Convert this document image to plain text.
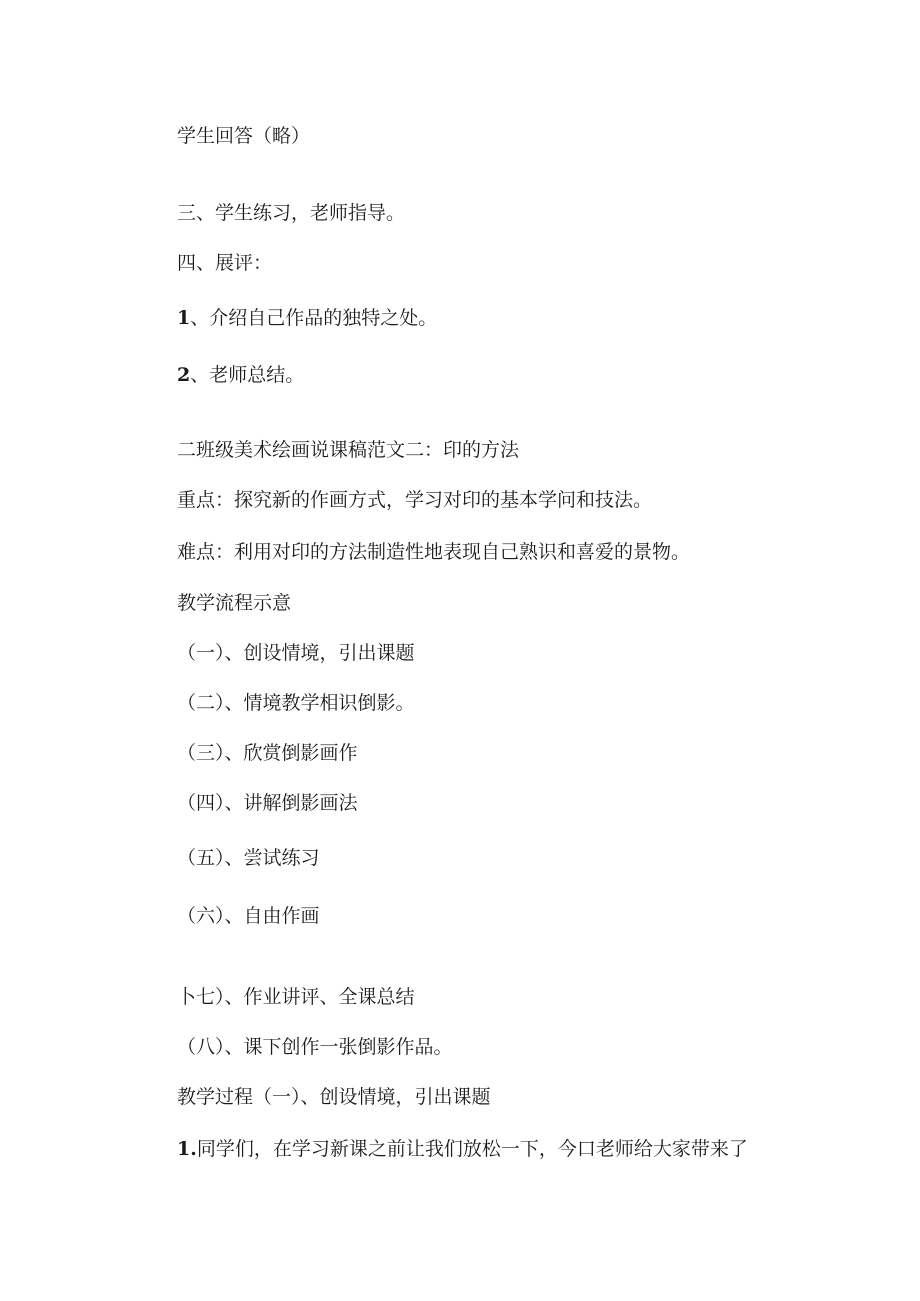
学生回答（略）
三、学生练习，老师指导。
四、展评：
1、介绍自己作品的独特之处。
2、老师总结。
二班级美术绘画说课稿范文二：印的方法
重点：探究新的作画方式，学习对印的基本学问和技法。
难点：利用对印的方法制造性地表现自己熟识和喜爱的景物。
教学流程示意
（一）、创设情境，引出课题
（二）、情境教学相识倒影。
（三）、欣赏倒影画作
（四）、讲解倒影画法
（五）、尝试练习
（六）、自由作画
卜七）、作业讲评、全课总结
（八）、课下创作一张倒影作品。
教学过程（一）、创设情境，引出课题
1.同学们，在学习新课之前让我们放松一下，今口老师给大家带来了
